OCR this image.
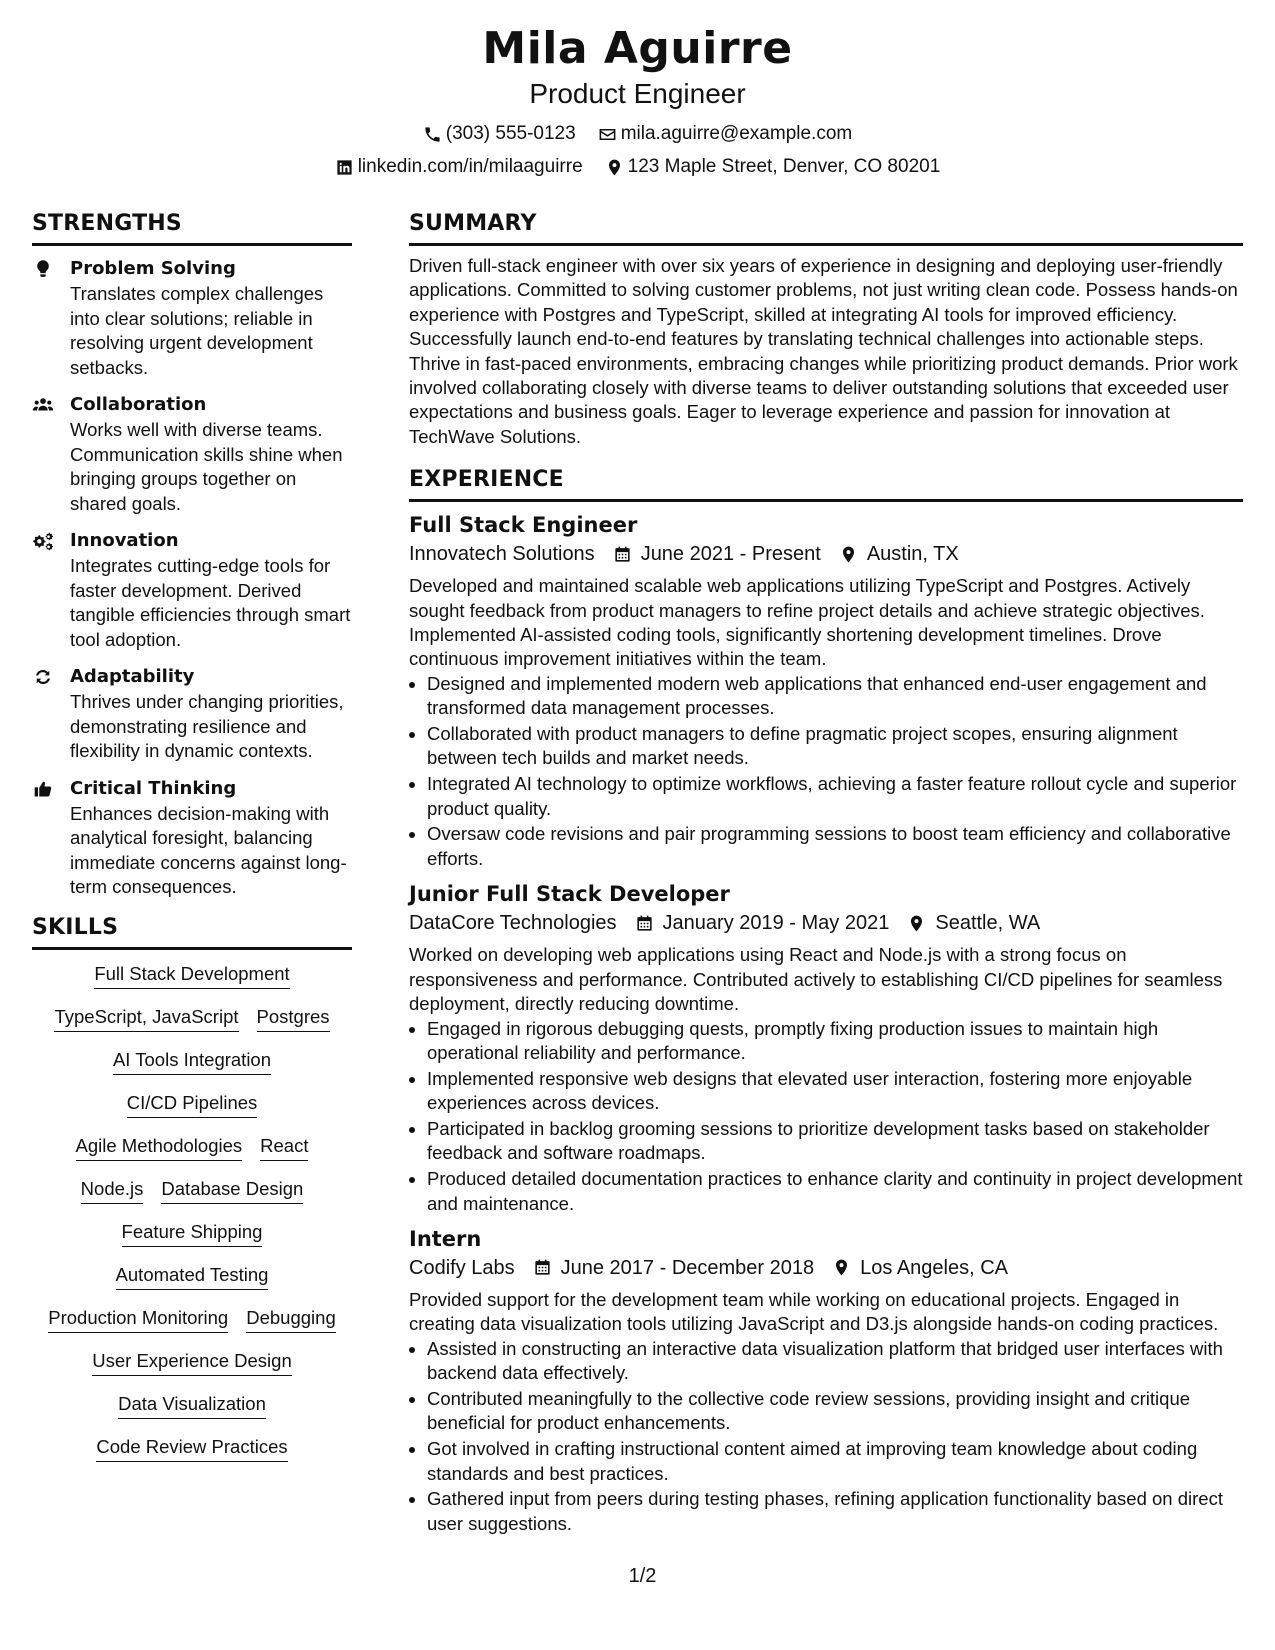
Mila Aguirre
Product Engineer
(303) 555-0123 mila.aguirre@example.com
linkedin.com/in/milaaguirre 123 Maple Street, Denver, CO 80201
STRENGTHS
Problem Solving
Translates complex challenges into clear solutions; reliable in resolving urgent development setbacks.
Collaboration
Works well with diverse teams. Communication skills shine when bringing groups together on shared goals.
Innovation
Integrates cutting-edge tools for faster development. Derived tangible efficiencies through smart tool adoption.
Adaptability
Thrives under changing priorities, demonstrating resilience and flexibility in dynamic contexts.
Critical Thinking
Enhances decision-making with analytical foresight, balancing immediate concerns against long-term consequences.
SKILLS
Full Stack Development
TypeScript, JavaScript Postgres
AI Tools Integration
CI/CD Pipelines
Agile Methodologies React
Node.js Database Design
Feature Shipping
Automated Testing
Production Monitoring Debugging
User Experience Design
Data Visualization
Code Review Practices
SUMMARY

Driven full-stack engineer with over six years of experience in designing and deploying user-friendly applications. Committed to solving customer problems, not just writing clean code. Possess hands-on experience with Postgres and TypeScript, skilled at integrating AI tools for improved efficiency. Successfully launch end-to-end features by translating technical challenges into actionable steps. Thrive in fast-paced environments, embracing changes while prioritizing product demands. Prior work involved collaborating closely with diverse teams to deliver outstanding solutions that exceeded user expectations and business goals. Eager to leverage experience and passion for innovation at TechWave Solutions.

EXPERIENCE
Full Stack Engineer
Innovatech Solutions June 2021 - Present Austin, TX

Developed and maintained scalable web applications utilizing TypeScript and Postgres. Actively sought feedback from product managers to refine project details and achieve strategic objectives. Implemented AI-assisted coding tools, significantly shortening development timelines. Drove continuous improvement initiatives within the team.

Designed and implemented modern web applications that enhanced end-user engagement and transformed data management processes.
Collaborated with product managers to define pragmatic project scopes, ensuring alignment between tech builds and market needs.
Integrated AI technology to optimize workflows, achieving a faster feature rollout cycle and superior product quality.
Oversaw code revisions and pair programming sessions to boost team efficiency and collaborative efforts.
Junior Full Stack Developer
DataCore Technologies January 2019 - May 2021 Seattle, WA

Worked on developing web applications using React and Node.js with a strong focus on responsiveness and performance. Contributed actively to establishing CI/CD pipelines for seamless deployment, directly reducing downtime.

Engaged in rigorous debugging quests, promptly fixing production issues to maintain high operational reliability and performance.
Implemented responsive web designs that elevated user interaction, fostering more enjoyable experiences across devices.
Participated in backlog grooming sessions to prioritize development tasks based on stakeholder feedback and software roadmaps.
Produced detailed documentation practices to enhance clarity and continuity in project development and maintenance.
Intern
Codify Labs June 2017 - December 2018 Los Angeles, CA

Provided support for the development team while working on educational projects. Engaged in creating data visualization tools utilizing JavaScript and D3.js alongside hands-on coding practices.

Assisted in constructing an interactive data visualization platform that bridged user interfaces with backend data effectively.
Contributed meaningfully to the collective code review sessions, providing insight and critique beneficial for product enhancements.
Got involved in crafting instructional content aimed at improving team knowledge about coding standards and best practices.
Gathered input from peers during testing phases, refining application functionality based on direct user suggestions.
1/2
